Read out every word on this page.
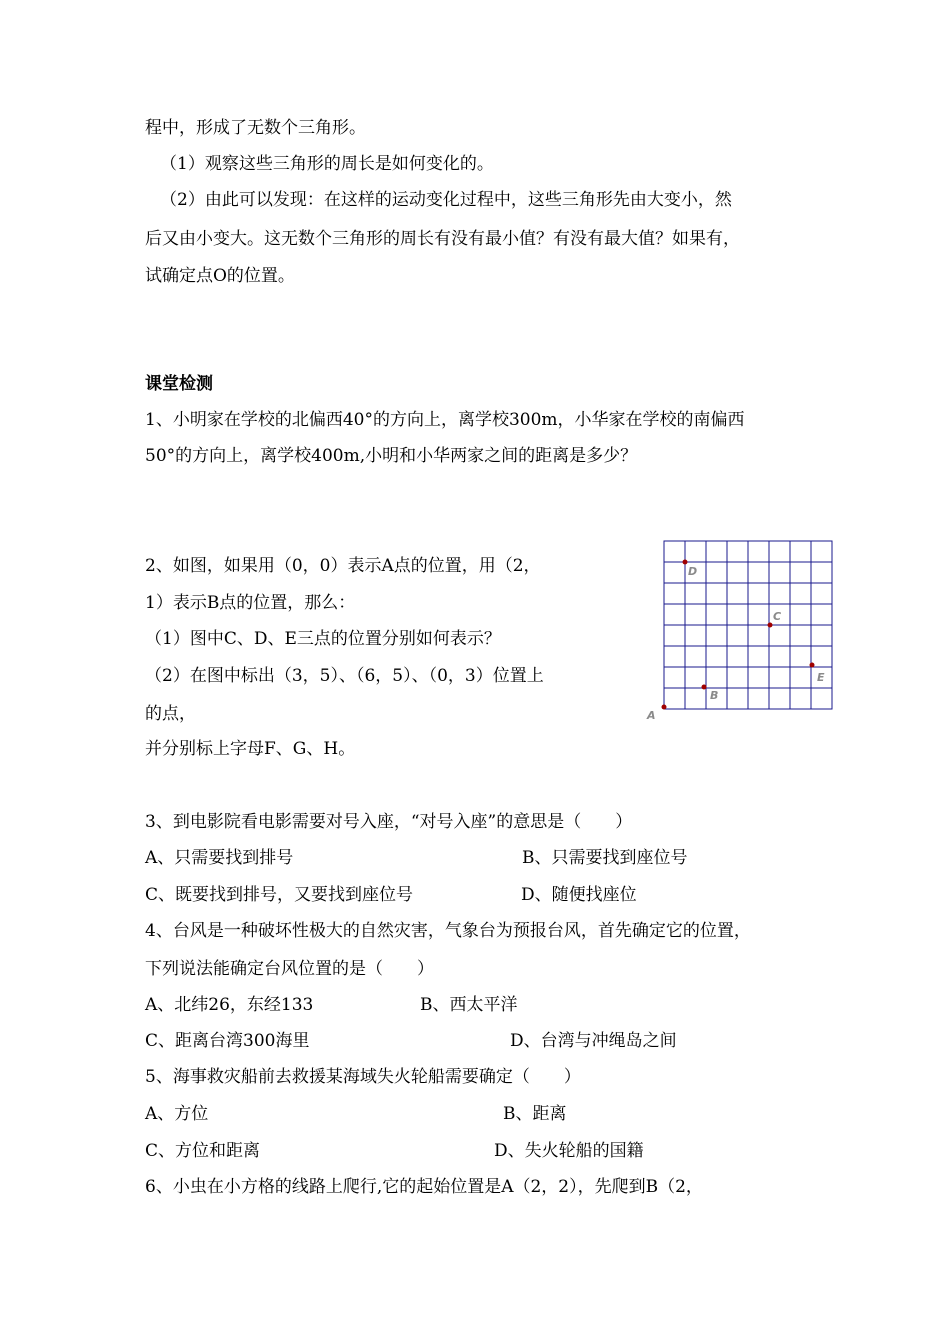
程中，形成了无数个三角形。
（1）观察这些三角形的周长是如何变化的。
（2）由此可以发现：在这样的运动变化过程中，这些三角形先由大变小，然
后又由小变大。这无数个三角形的周长有没有最小值？有没有最大值？如果有，
试确定点O的位置。
课堂检测
1、小明家在学校的北偏西40°的方向上，离学校300m，小华家在学校的南偏西
50°的方向上，离学校400m,小明和小华两家之间的距离是多少？
2、如图，如果用（0，0）表示A点的位置，用（2，
1）表示B点的位置，那么：
（1）图中C、D、E三点的位置分别如何表示？
（2）在图中标出（3，5）、（6，5）、（0，3）位置上
的点，
并分别标上字母F、G、H。
A
B
C
D
E
3、到电影院看电影需要对号入座，“对号入座”的意思是（　　）
A、只需要找到排号	B、只需要找到座位号
C、既要找到排号，又要找到座位号	D、随便找座位
4、台风是一种破坏性极大的自然灾害，气象台为预报台风，首先确定它的位置，
下列说法能确定台风位置的是（　　）
A、北纬26，东经133	B、西太平洋
C、距离台湾300海里	D、台湾与冲绳岛之间
5、海事救灾船前去救援某海域失火轮船需要确定（　　）
A、方位	B、距离
C、方位和距离	D、失火轮船的国籍
6、小虫在小方格的线路上爬行,它的起始位置是A（2，2），先爬到B（2，
